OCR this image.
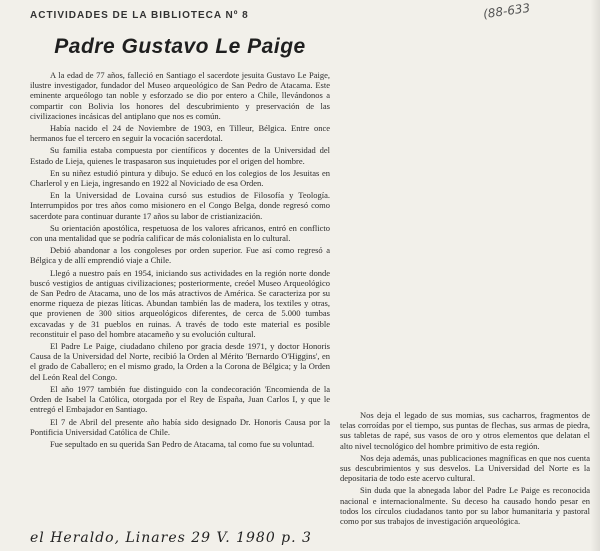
ACTIVIDADES DE LA BIBLIOTECA Nº 8	(88-633
Padre Gustavo Le Paige

A la edad de 77 años, falleció en Santiago el sacerdote jesuita Gustavo Le Paige, ilustre investigador, fundador del Museo arqueológico de San Pedro de Atacama. Este eminente arqueólogo tan noble y esforzado se dio por entero a Chile, llevándonos a compartir con Bolivia los honores del descubrimiento y preservación de las civilizaciones incásicas del antiplano que nos es común.

Había nacido el 24 de Noviembre de 1903, en Tilleur, Bélgica. Entre once hermanos fue el tercero en seguir la vocación sacerdotal.

Su familia estaba compuesta por científicos y docentes de la Universidad del Estado de Lieja, quienes le traspasaron sus inquietudes por el origen del hombre.

En su niñez estudió pintura y dibujo. Se educó en los colegios de los Jesuitas en Charlerol y en Lieja, ingresando en 1922 al Noviciado de esa Orden.

En la Universidad de Lovaina cursó sus estudios de Filosofía y Teología. Interrumpidos por tres años como misionero en el Congo Belga, donde regresó como sacerdote para continuar durante 17 años su labor de cristianización.

Su orientación apostólica, respetuosa de los valores africanos, entró en conflicto con una mentalidad que se podría calificar de más colonialista en lo cultural.

Debió abandonar a los congoleses por orden superior. Fue así como regresó a Bélgica y de allí emprendió viaje a Chile.

Llegó a nuestro país en 1954, iniciando sus actividades en la región norte donde buscó vestigios de antiguas civilizaciones; posteriormente, creóel Museo Arqueológico de San Pedro de Atacama, uno de los más atractivos de América. Se caracteriza por su enorme riqueza de piezas líticas. Abundan también las de madera, los textiles y otras, que provienen de 300 sitios arqueológicos diferentes, de cerca de 5.000 tumbas excavadas y de 31 pueblos en ruinas. A través de todo este material es posible reconstituir el paso del hombre atacameño y su evolución cultural.

El Padre Le Paige, ciudadano chileno por gracia desde 1971, y doctor Honoris Causa de la Universidad del Norte, recibió la Orden al Mérito 'Bernardo O'Higgins', en el grado de Caballero; en el mismo grado, la Orden a la Corona de Bélgica; y la Orden del León Real del Congo.

El año 1977 también fue distinguido con la condecoración 'Encomienda de la Orden de Isabel la Católica, otorgada por el Rey de España, Juan Carlos I, y que le entregó el Embajador en Santiago.

El 7 de Abril del presente año había sido designado Dr. Honoris Causa por la Pontificia Universidad Católica de Chile.

Fue sepultado en su querida San Pedro de Atacama, tal como fue su voluntad.

Nos deja el legado de sus momias, sus cacharros, fragmentos de telas corroídas por el tiempo, sus puntas de flechas, sus armas de piedra, sus tabletas de rapé, sus vasos de oro y otros elementos que delatan el alto nivel tecnológico del hombre primitivo de esta región.

Nos deja además, unas publicaciones magníficas en que nos cuenta sus descubrimientos y sus desvelos. La Universidad del Norte es la depositaria de todo este acervo cultural.

Sin duda que la abnegada labor del Padre Le Paige es reconocida nacional e internacionalmente. Su deceso ha causado hondo pesar en todos los círculos ciudadanos tanto por su labor humanitaria y pastoral como por sus trabajos de investigación arqueológica.

el Heraldo, Linares 29 V. 1980 p. 3
